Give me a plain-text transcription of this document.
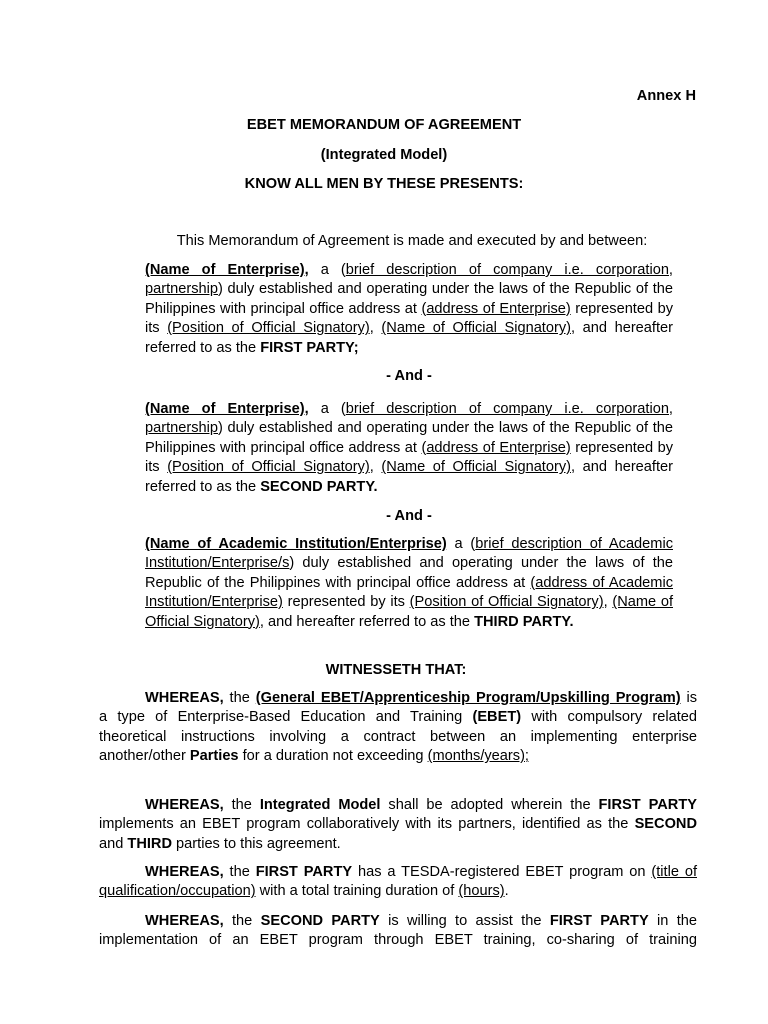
Annex H
EBET MEMORANDUM OF AGREEMENT
(Integrated Model)
KNOW ALL MEN BY THESE PRESENTS:
This Memorandum of Agreement is made and executed by and between:

(Name of Enterprise), a (brief description of company i.e. corporation, partnership) duly established and operating under the laws of the Republic of the Philippines with principal office address at (address of Enterprise) represented by its (Position of Official Signatory), (Name of Official Signatory), and hereafter referred to as the FIRST PARTY;

- And -

(Name of Enterprise), a (brief description of company i.e. corporation, partnership) duly established and operating under the laws of the Republic of the Philippines with principal office address at (address of Enterprise) represented by its (Position of Official Signatory), (Name of Official Signatory), and hereafter referred to as the SECOND PARTY.

- And -

(Name of Academic Institution/Enterprise) a (brief description of Academic Institution/Enterprise/s) duly established and operating under the laws of the Republic of the Philippines with principal office address at (address of Academic Institution/Enterprise) represented by its (Position of Official Signatory), (Name of Official Signatory), and hereafter referred to as the THIRD PARTY.

WITNESSETH THAT:

WHEREAS, the (General EBET/Apprenticeship Program/Upskilling Program) is a type of Enterprise-Based Education and Training (EBET) with compulsory related theoretical instructions involving a contract between an implementing enterprise another/other Parties for a duration not exceeding (months/years);

WHEREAS, the Integrated Model shall be adopted wherein the FIRST PARTY implements an EBET program collaboratively with its partners, identified as the SECOND and THIRD parties to this agreement.

WHEREAS, the FIRST PARTY has a TESDA-registered EBET program on (title of qualification/occupation) with a total training duration of (hours).

WHEREAS, the SECOND PARTY is willing to assist the FIRST PARTY in the implementation of an EBET program through EBET training, co-sharing of training
